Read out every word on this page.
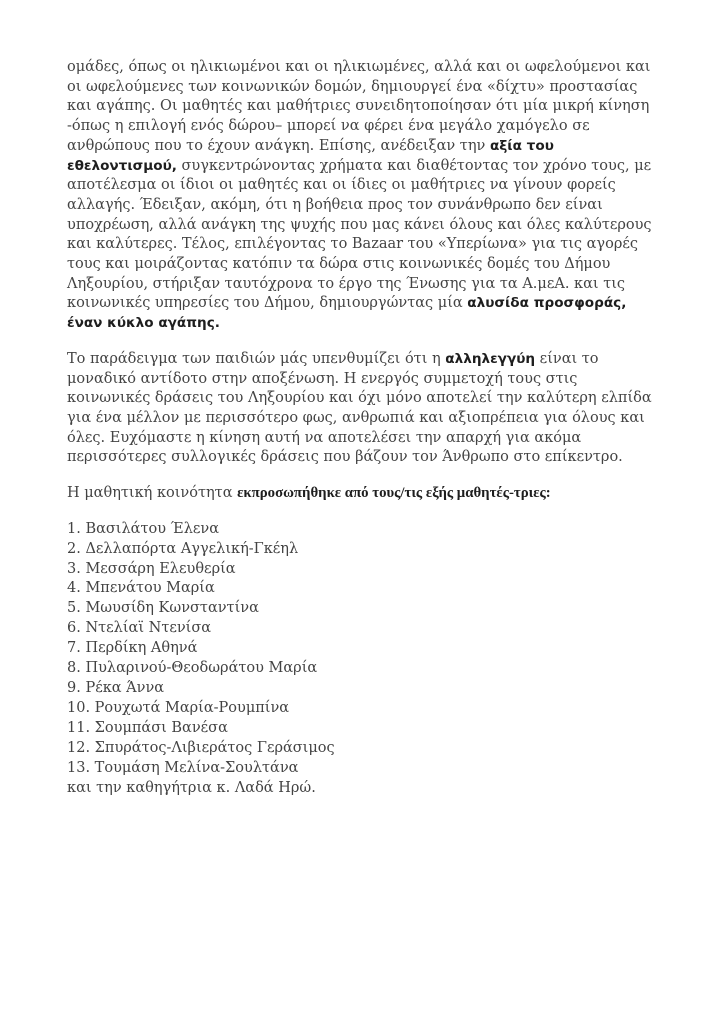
ομάδες, όπως οι ηλικιωμένοι και οι ηλικιωμένες, αλλά και οι ωφελούμενοι και οι ωφελούμενες των κοινωνικών δομών, δημιουργεί ένα «δίχτυ» προστασίας και αγάπης. Οι μαθητές και μαθήτριες συνειδητοποίησαν ότι μία μικρή κίνηση -όπως η επιλογή ενός δώρου– μπορεί να φέρει ένα μεγάλο χαμόγελο σε ανθρώπους που το έχουν ανάγκη. Επίσης, ανέδειξαν την αξία του εθελοντισμού, συγκεντρώνοντας χρήματα και διαθέτοντας τον χρόνο τους, με αποτέλεσμα οι ίδιοι οι μαθητές και οι ίδιες οι μαθήτριες να γίνουν φορείς αλλαγής. Έδειξαν, ακόμη, ότι η βοήθεια προς τον συνάνθρωπο δεν είναι υποχρέωση, αλλά ανάγκη της ψυχής που μας κάνει όλους και όλες καλύτερους και καλύτερες. Τέλος, επιλέγοντας το Bazaar του «Υπερίωνα» για τις αγορές τους και μοιράζοντας κατόπιν τα δώρα στις κοινωνικές δομές του Δήμου Ληξουρίου, στήριξαν ταυτόχρονα το έργο της Ένωσης για τα Α.μεΑ. και τις κοινωνικές υπηρεσίες του Δήμου, δημιουργώντας μία αλυσίδα προσφοράς, έναν κύκλο αγάπης.

Το παράδειγμα των παιδιών μάς υπενθυμίζει ότι η αλληλεγγύη είναι το μοναδικό αντίδοτο στην αποξένωση. Η ενεργός συμμετοχή τους στις κοινωνικές δράσεις του Ληξουρίου και όχι μόνο αποτελεί την καλύτερη ελπίδα για ένα μέλλον με περισσότερο φως, ανθρωπιά και αξιοπρέπεια για όλους και όλες. Ευχόμαστε η κίνηση αυτή να αποτελέσει την απαρχή για ακόμα περισσότερες συλλογικές δράσεις που βάζουν τον Άνθρωπο στο επίκεντρο.

Η μαθητική κοινότητα εκπροσωπήθηκε από τους/τις εξής μαθητές-τριες:

1. Βασιλάτου Έλενα
2. Δελλαπόρτα Αγγελική-Γκέηλ
3. Μεσσάρη Ελευθερία
4. Μπενάτου Μαρία
5. Μωυσίδη Κωνσταντίνα
6. Ντελίαϊ Ντενίσα
7. Περδίκη Αθηνά
8. Πυλαρινού-Θεοδωράτου Μαρία
9. Ρέκα Άννα
10. Ρουχωτά Μαρία-Ρουμπίνα
11. Σουμπάσι Βανέσα
12. Σπυράτος-Λιβιεράτος Γεράσιμος
13. Τουμάση Μελίνα-Σουλτάνα
και την καθηγήτρια κ. Λαδά Ηρώ.
